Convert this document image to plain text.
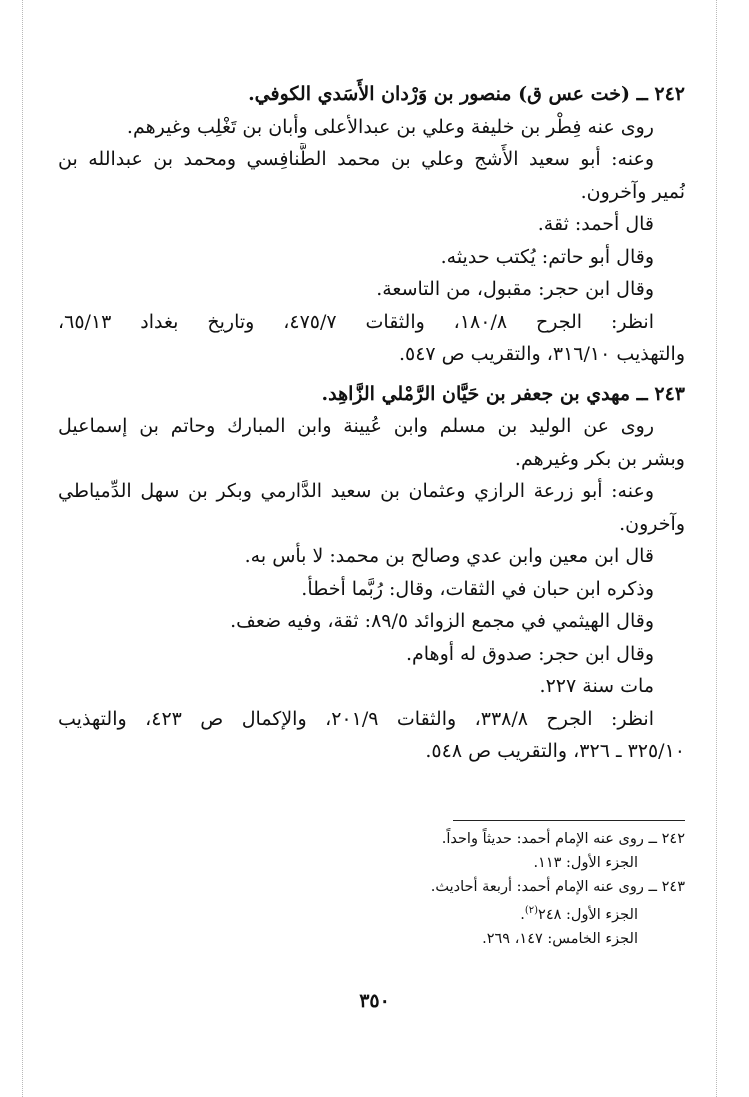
٢٤٢ ــ (خت عس ق) منصور بن وَرْدان الأَسَدي الكوفي.
روى عنه فِطْر بن خليفة وعلي بن عبدالأعلى وأبان بن تَغْلِب وغيرهم.
وعنه: أبو سعيد الأَشج وعلي بن محمد الطَّنافِسي ومحمد بن عبدالله بن
نُمير وآخرون.
قال أحمد: ثقة.
وقال أبو حاتم: يُكتب حديثه.
وقال ابن حجر: مقبول، من التاسعة.
انظر: الجرح ١٨٠/٨، والثقات ٤٧٥/٧، وتاريخ بغداد ٦٥/١٣،
والتهذيب ٣١٦/١٠، والتقريب ص ٥٤٧.
٢٤٣ ــ مهدي بن جعفر بن حَيَّان الرَّمْلي الزَّاهِد.
روى عن الوليد بن مسلم وابن عُيينة وابن المبارك وحاتم بن إسماعيل
وبشر بن بكر وغيرهم.
وعنه: أبو زرعة الرازي وعثمان بن سعيد الدَّارمي وبكر بن سهل الدِّمياطي
وآخرون.
قال ابن معين وابن عدي وصالح بن محمد: لا بأس به.
وذكره ابن حبان في الثقات، وقال: رُبَّما أخطأ.
وقال الهيثمي في مجمع الزوائد ٨٩/٥: ثقة، وفيه ضعف.
وقال ابن حجر: صدوق له أوهام.
مات سنة ٢٢٧.
انظر: الجرح ٣٣٨/٨، والثقات ٢٠١/٩، والإكمال ص ٤٢٣، والتهذيب
٣٢٥/١٠ ـ ٣٢٦، والتقريب ص ٥٤٨.
٢٤٢ ــ روى عنه الإمام أحمد: حديثاً واحداً.
الجزء الأول: ١١٣.
٢٤٣ ــ روى عنه الإمام أحمد: أربعة أحاديث.
الجزء الأول: ٢٤٨$^{(٢)}$.
الجزء الخامس: ١٤٧، ٢٦٩.
٣٥٠
